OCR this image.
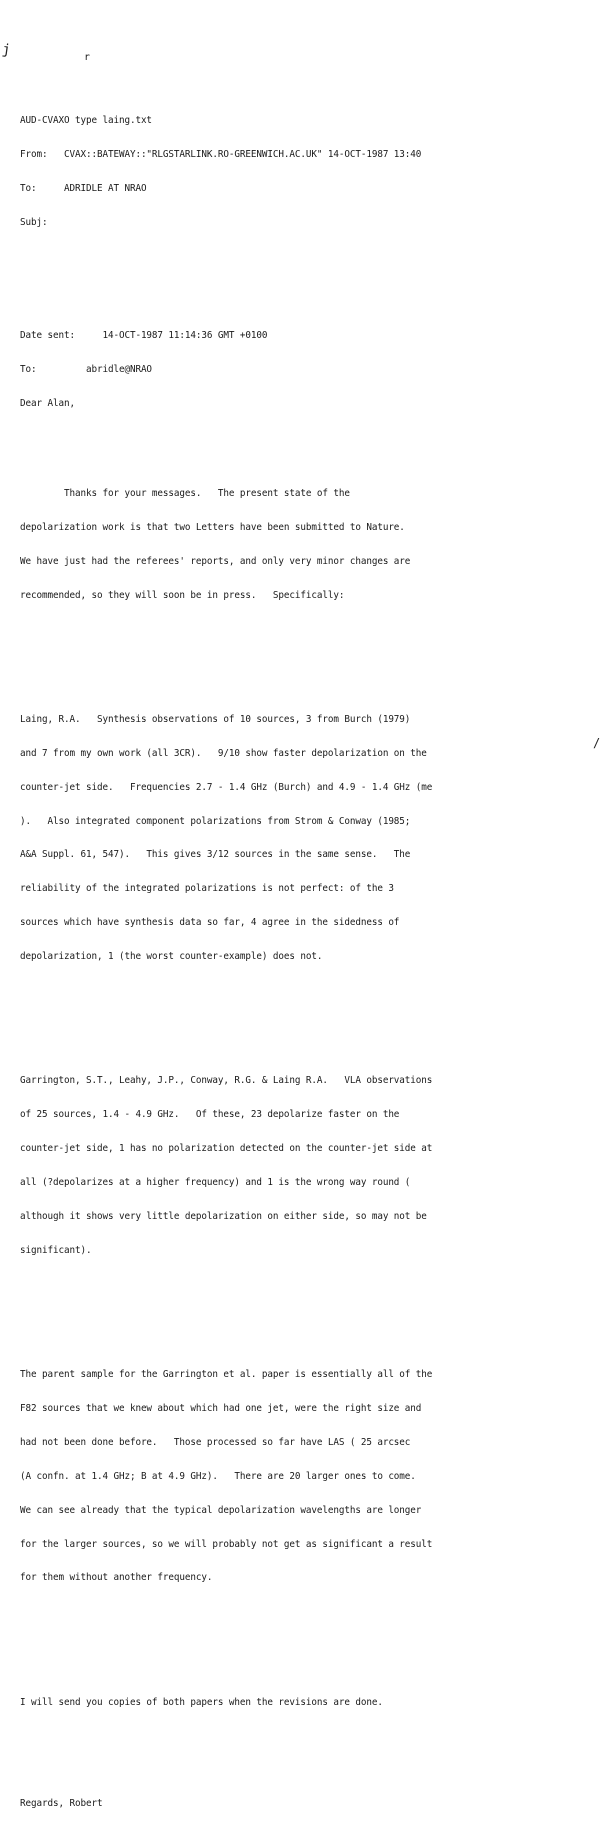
j	r
/

AUD-CVAXO type laing.txt

From:   CVAX::BATEWAY::"RLGSTARLINK.RO-GREENWICH.AC.UK" 14-OCT-1987 13:40

To:     ADRIDLE AT NRAO

Subj:

Date sent:     14-OCT-1987 11:14:36 GMT +0100

To:         abridle@NRAO

Dear Alan,

Thanks for your messages.   The present state of the

depolarization work is that two Letters have been submitted to Nature.

We have just had the referees' reports, and only very minor changes are

recommended, so they will soon be in press.   Specifically:

Laing, R.A.   Synthesis observations of 10 sources, 3 from Burch (1979)

and 7 from my own work (all 3CR).   9/10 show faster depolarization on the

counter-jet side.   Frequencies 2.7 - 1.4 GHz (Burch) and 4.9 - 1.4 GHz (me

).   Also integrated component polarizations from Strom & Conway (1985;

A&A Suppl. 61, 547).   This gives 3/12 sources in the same sense.   The

reliability of the integrated polarizations is not perfect: of the 3

sources which have synthesis data so far, 4 agree in the sidedness of

depolarization, 1 (the worst counter-example) does not.

Garrington, S.T., Leahy, J.P., Conway, R.G. & Laing R.A.   VLA observations

of 25 sources, 1.4 - 4.9 GHz.   Of these, 23 depolarize faster on the

counter-jet side, 1 has no polarization detected on the counter-jet side at

all (?depolarizes at a higher frequency) and 1 is the wrong way round (

although it shows very little depolarization on either side, so may not be

significant).

The parent sample for the Garrington et al. paper is essentially all of the

F82 sources that we knew about which had one jet, were the right size and

had not been done before.   Those processed so far have LAS ( 25 arcsec

(A confn. at 1.4 GHz; B at 4.9 GHz).   There are 20 larger ones to come.

We can see already that the typical depolarization wavelengths are longer

for the larger sources, so we will probably not get as significant a result

for them without another frequency.

I will send you copies of both papers when the revisions are done.

Regards, Robert
